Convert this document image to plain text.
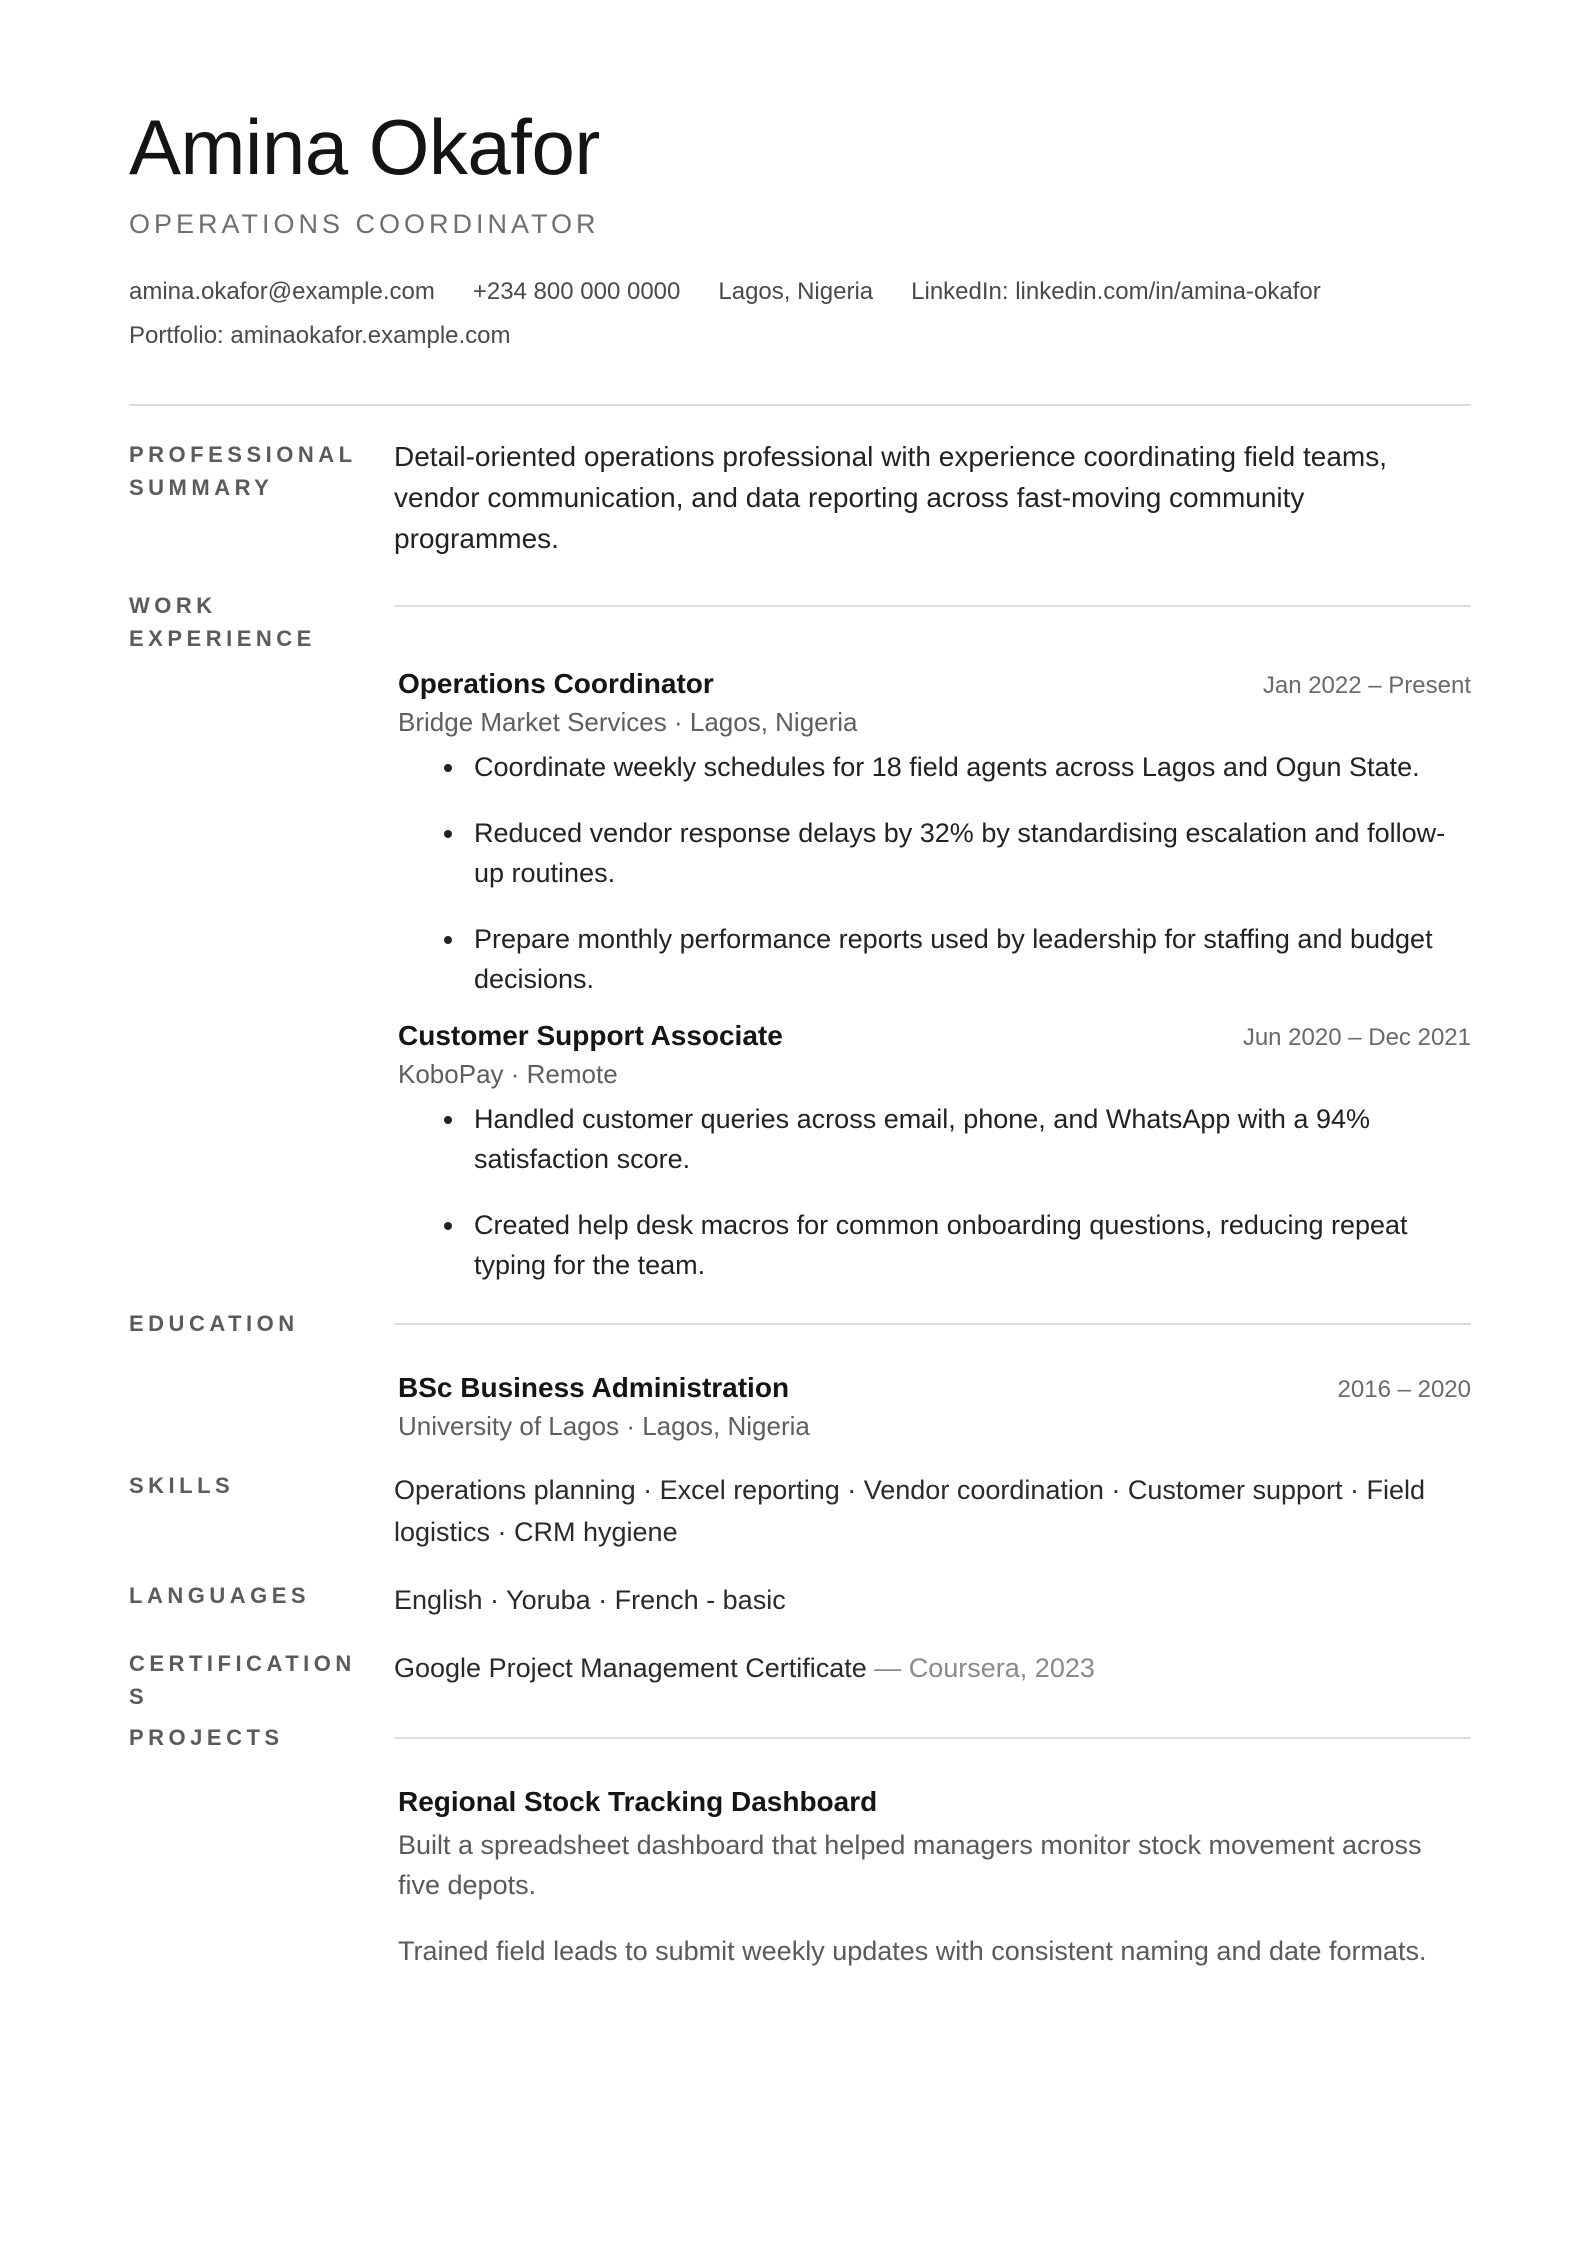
Amina Okafor
OPERATIONS COORDINATOR
amina.okafor@example.com +234 800 000 0000 Lagos, Nigeria LinkedIn: linkedin.com/in/amina-okafor
Portfolio: aminaokafor.example.com
PROFESSIONAL
SUMMARY

Detail-oriented operations professional with experience coordinating field teams, vendor communication, and data reporting across fast-moving community programmes.

WORK
EXPERIENCE
Operations Coordinator	Jan 2022 – Present
Bridge Market Services · Lagos, Nigeria
Coordinate weekly schedules for 18 field agents across Lagos and Ogun State.
Reduced vendor response delays by 32% by standardising escalation and follow-up routines.
Prepare monthly performance reports used by leadership for staffing and budget decisions.
Customer Support Associate	Jun 2020 – Dec 2021
KoboPay · Remote
Handled customer queries across email, phone, and WhatsApp with a 94% satisfaction score.
Created help desk macros for common onboarding questions, reducing repeat typing for the team.
EDUCATION
BSc Business Administration	2016 – 2020
University of Lagos · Lagos, Nigeria
SKILLS	Operations planning · Excel reporting · Vendor coordination · Customer support · Field logistics · CRM hygiene

LANGUAGES	English · Yoruba · French - basic

CERTIFICATION
S

Google Project Management Certificate — Coursera, 2023

PROJECTS
Regional Stock Tracking Dashboard

Built a spreadsheet dashboard that helped managers monitor stock movement across five depots.

Trained field leads to submit weekly updates with consistent naming and date formats.
